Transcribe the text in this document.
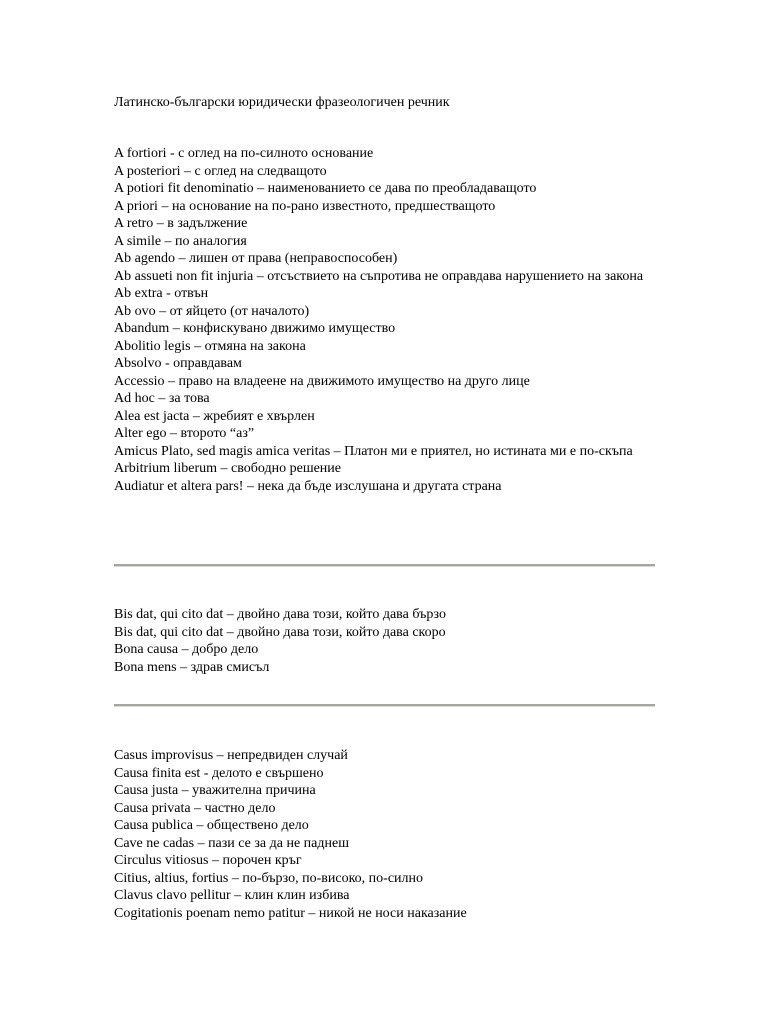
Латинско-български юридически фразеологичен речник

A fortiori - с оглед на по-силното основание

A posteriori – с оглед на следващото

A potiori fit denominatio – наименованието се дава по преобладаващото

A priori – на основание на по-рано известното, предшестващото

A retro – в задължение

A simile – по аналогия

Ab agendo – лишен от права (неправоспособен)

Ab assueti non fit injuria – отсъствието на съпротива не оправдава нарушението на закона

Ab extra - отвън

Ab ovo – от яйцето (от началото)

Abandum – конфискувано движимо имущество

Abolitio legis – отмяна на закона

Absolvo - оправдавам

Accessio – право на владеене на движимото имущество на друго лице

Ad hoc – за това

Alea est jacta – жребият е хвърлен

Alter ego – второто “аз”

Amicus Plato, sed magis amica veritas – Платон ми е приятел, но истината ми е по-скъпа

Arbitrium liberum – свободно решение

Audiatur et altera pars! – нека да бъде изслушана и другата страна

Bis dat, qui cito dat – двойно дава този, който дава бързо

Bis dat, qui cito dat – двойно дава този, който дава скоро

Bona causa – добро дело

Bona mens – здрав смисъл

Casus improvisus – непредвиден случай

Causa finita est - делото е свършено

Causa justa – уважителна причина

Causa privata – частно дело

Causa publica – обществено дело

Cave ne cadas – пази се за да не паднеш

Circulus vitiosus – порочен кръг

Citius, altius, fortius – по-бързо, по-високо, по-силно

Clavus clavo pellitur – клин клин избива

Cogitationis poenam nemo patitur – никой не носи наказание
